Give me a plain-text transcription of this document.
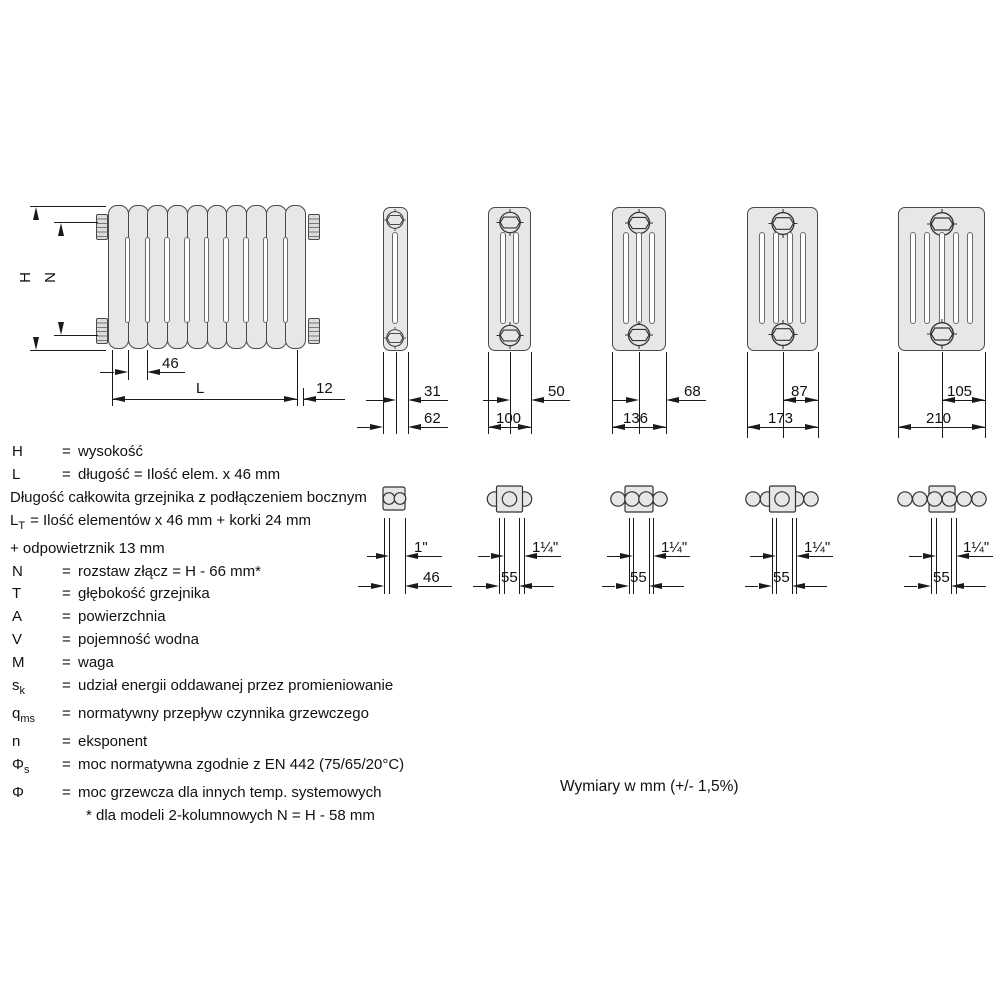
H N
46
L	12	31
62
50
100
68
136
87
173
105
210
1"
46
1¼"
55
1¼"
55
1¼"
55
1¼"
55
H	= wysokość
L	= długość = Ilość elem. x 46 mm
Długość całkowita grzejnika z podłączeniem bocznym
$L_T$ = Ilość elementów x 46 mm + korki 24 mm
+ odpowietrznik 13 mm
N	= rozstaw złącz = H - 66 mm*
T	= głębokość grzejnika
A	= powierzchnia
V	= pojemność wodna
M	= waga
$s_k$ = udział energii oddawanej przez promieniowanie
$q_{ms}$ = normatywny przepływ czynnika grzewczego
n	= eksponent
$\Phi_s$ = moc normatywna zgodnie z EN 442 (75/65/20°C)
Φ	= moc grzewcza dla innych temp. systemowych
* dla modeli 2-kolumnowych N = H - 58 mm
Wymiary w mm (+/- 1,5%)
